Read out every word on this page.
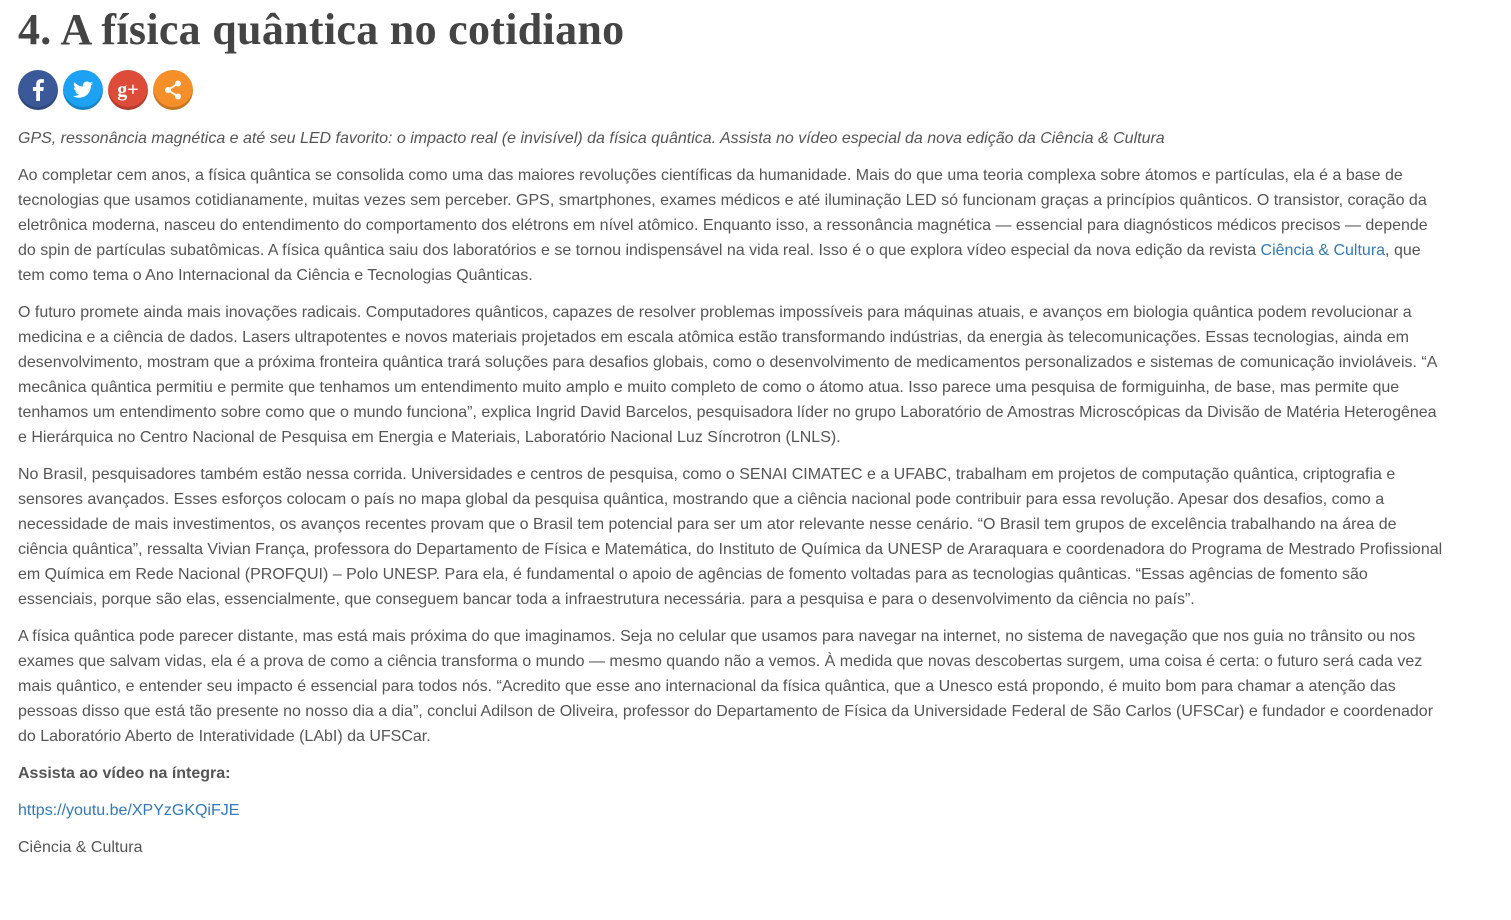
4. A física quântica no cotidiano
g+

GPS, ressonância magnética e até seu LED favorito: o impacto real (e invisível) da física quântica. Assista no vídeo especial da nova edição da Ciência & Cultura

Ao completar cem anos, a física quântica se consolida como uma das maiores revoluções científicas da humanidade. Mais do que uma teoria complexa sobre átomos e partículas, ela é a base de tecnologias que usamos cotidianamente, muitas vezes sem perceber. GPS, smartphones, exames médicos e até iluminação LED só funcionam graças a princípios quânticos. O transistor, coração da eletrônica moderna, nasceu do entendimento do comportamento dos elétrons em nível atômico. Enquanto isso, a ressonância magnética — essencial para diagnósticos médicos precisos — depende do spin de partículas subatômicas. A física quântica saiu dos laboratórios e se tornou indispensável na vida real. Isso é o que explora vídeo especial da nova edição da revista Ciência & Cultura, que tem como tema o Ano Internacional da Ciência e Tecnologias Quânticas.

O futuro promete ainda mais inovações radicais. Computadores quânticos, capazes de resolver problemas impossíveis para máquinas atuais, e avanços em biologia quântica podem revolucionar a medicina e a ciência de dados. Lasers ultrapotentes e novos materiais projetados em escala atômica estão transformando indústrias, da energia às telecomunicações. Essas tecnologias, ainda em desenvolvimento, mostram que a próxima fronteira quântica trará soluções para desafios globais, como o desenvolvimento de medicamentos personalizados e sistemas de comunicação invioláveis. “A mecânica quântica permitiu e permite que tenhamos um entendimento muito amplo e muito completo de como o átomo atua. Isso parece uma pesquisa de formiguinha, de base, mas permite que tenhamos um entendimento sobre como que o mundo funciona”, explica Ingrid David Barcelos, pesquisadora líder no grupo Laboratório de Amostras Microscópicas da Divisão de Matéria Heterogênea e Hierárquica no Centro Nacional de Pesquisa em Energia e Materiais, Laboratório Nacional Luz Síncrotron (LNLS).

No Brasil, pesquisadores também estão nessa corrida. Universidades e centros de pesquisa, como o SENAI CIMATEC e a UFABC, trabalham em projetos de computação quântica, criptografia e sensores avançados. Esses esforços colocam o país no mapa global da pesquisa quântica, mostrando que a ciência nacional pode contribuir para essa revolução. Apesar dos desafios, como a necessidade de mais investimentos, os avanços recentes provam que o Brasil tem potencial para ser um ator relevante nesse cenário. “O Brasil tem grupos de excelência trabalhando na área de ciência quântica”, ressalta Vivian França, professora do Departamento de Física e Matemática, do Instituto de Química da UNESP de Araraquara e coordenadora do Programa de Mestrado Profissional em Química em Rede Nacional (PROFQUI) – Polo UNESP. Para ela, é fundamental o apoio de agências de fomento voltadas para as tecnologias quânticas. “Essas agências de fomento são essenciais, porque são elas, essencialmente, que conseguem bancar toda a infraestrutura necessária. para a pesquisa e para o desenvolvimento da ciência no país”.

A física quântica pode parecer distante, mas está mais próxima do que imaginamos. Seja no celular que usamos para navegar na internet, no sistema de navegação que nos guia no trânsito ou nos exames que salvam vidas, ela é a prova de como a ciência transforma o mundo — mesmo quando não a vemos. À medida que novas descobertas surgem, uma coisa é certa: o futuro será cada vez mais quântico, e entender seu impacto é essencial para todos nós. “Acredito que esse ano internacional da física quântica, que a Unesco está propondo, é muito bom para chamar a atenção das pessoas disso que está tão presente no nosso dia a dia”, conclui Adilson de Oliveira, professor do Departamento de Física da Universidade Federal de São Carlos (UFSCar) e fundador e coordenador do Laboratório Aberto de Interatividade (LAbI) da UFSCar.

Assista ao vídeo na íntegra:

https://youtu.be/XPYzGKQiFJE

Ciência & Cultura
